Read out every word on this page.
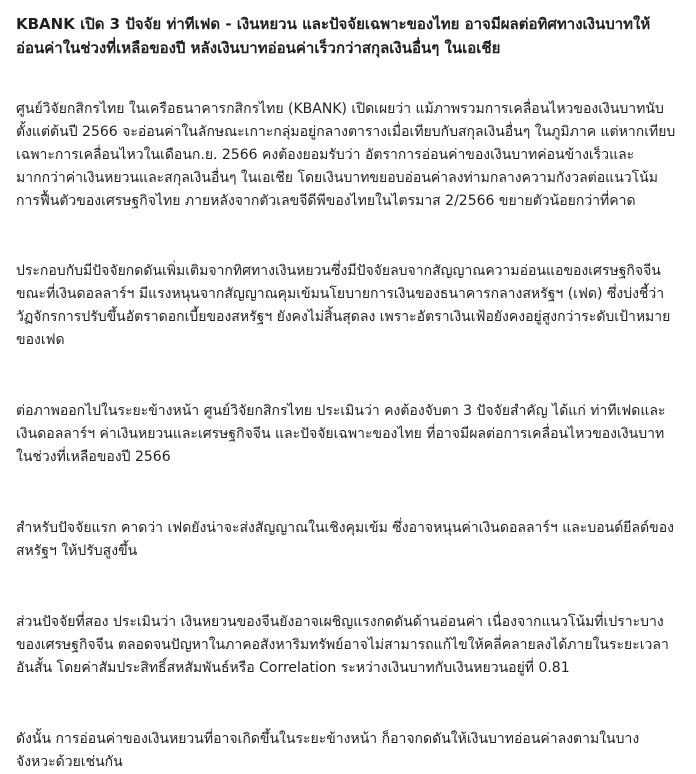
KBANK เปิด 3 ปัจจัย ท่าทีเฟด - เงินหยวน และปัจจัยเฉพาะของไทย อาจมีผลต่อทิศทางเงินบาทให้อ่อนค่าในช่วงที่เหลือของปี หลังเงินบาทอ่อนค่าเร็วกว่าสกุลเงินอื่นๆ ในเอเชีย

ศูนย์วิจัยกสิกรไทย ในเครือธนาคารกสิกรไทย (KBANK) เปิดเผยว่า แม้ภาพรวมการเคลื่อนไหวของเงินบาทนับตั้งแต่ต้นปี 2566 จะอ่อนค่าในลักษณะเกาะกลุ่มอยู่กลางตารางเมื่อเทียบกับสกุลเงินอื่นๆ ในภูมิภาค แต่หากเทียบเฉพาะการเคลื่อนไหวในเดือนก.ย. 2566 คงต้องยอมรับว่า อัตราการอ่อนค่าของเงินบาทค่อนข้างเร็วและมากกว่าค่าเงินหยวนและสกุลเงินอื่นๆ ในเอเชีย โดยเงินบาทขยอบอ่อนค่าลงท่ามกลางความกังวลต่อแนวโน้มการฟื้นตัวของเศรษฐกิจไทย ภายหลังจากตัวเลขจีดีพีของไทยในไตรมาส 2/2566 ขยายตัวน้อยกว่าที่คาด

ประกอบกับมีปัจจัยกดดันเพิ่มเติมจากทิศทางเงินหยวนซึ่งมีปัจจัยลบจากสัญญาณความอ่อนแอของเศรษฐกิจจีน ขณะที่เงินดอลลาร์ฯ มีแรงหนุนจากสัญญาณคุมเข้มนโยบายการเงินของธนาคารกลางสหรัฐฯ (เฟด) ซึ่งบ่งชี้ว่า วัฏจักรการปรับขึ้นอัตราดอกเบี้ยของสหรัฐฯ ยังคงไม่สิ้นสุดลง เพราะอัตราเงินเฟ้อยังคงอยู่สูงกว่าระดับเป้าหมายของเฟด

ต่อภาพออกไปในระยะข้างหน้า ศูนย์วิจัยกสิกรไทย ประเมินว่า คงต้องจับตา 3 ปัจจัยสำคัญ ได้แก่ ท่าทีเฟดและเงินดอลลาร์ฯ ค่าเงินหยวนและเศรษฐกิจจีน และปัจจัยเฉพาะของไทย ที่อาจมีผลต่อการเคลื่อนไหวของเงินบาทในช่วงที่เหลือของปี 2566

สำหรับปัจจัยแรก คาดว่า เฟดยังน่าจะส่งสัญญาณในเชิงคุมเข้ม ซึ่งอาจหนุนค่าเงินดอลลาร์ฯ และบอนด์ยีลด์ของสหรัฐฯ ให้ปรับสูงขึ้น

ส่วนปัจจัยที่สอง ประเมินว่า เงินหยวนของจีนยังอาจเผชิญแรงกดดันด้านอ่อนค่า เนื่องจากแนวโน้มที่เปราะบางของเศรษฐกิจจีน ตลอดจนปัญหาในภาคอสังหาริมทรัพย์อาจไม่สามารถแก้ไขให้คลี่คลายลงได้ภายในระยะเวลาอันสั้น โดยค่าสัมประสิทธิ์สหสัมพันธ์หรือ Correlation ระหว่างเงินบาทกับเงินหยวนอยู่ที่ 0.81

ดังนั้น การอ่อนค่าของเงินหยวนที่อาจเกิดขึ้นในระยะข้างหน้า ก็อาจกดดันให้เงินบาทอ่อนค่าลงตามในบางจังหวะด้วยเช่นกัน
